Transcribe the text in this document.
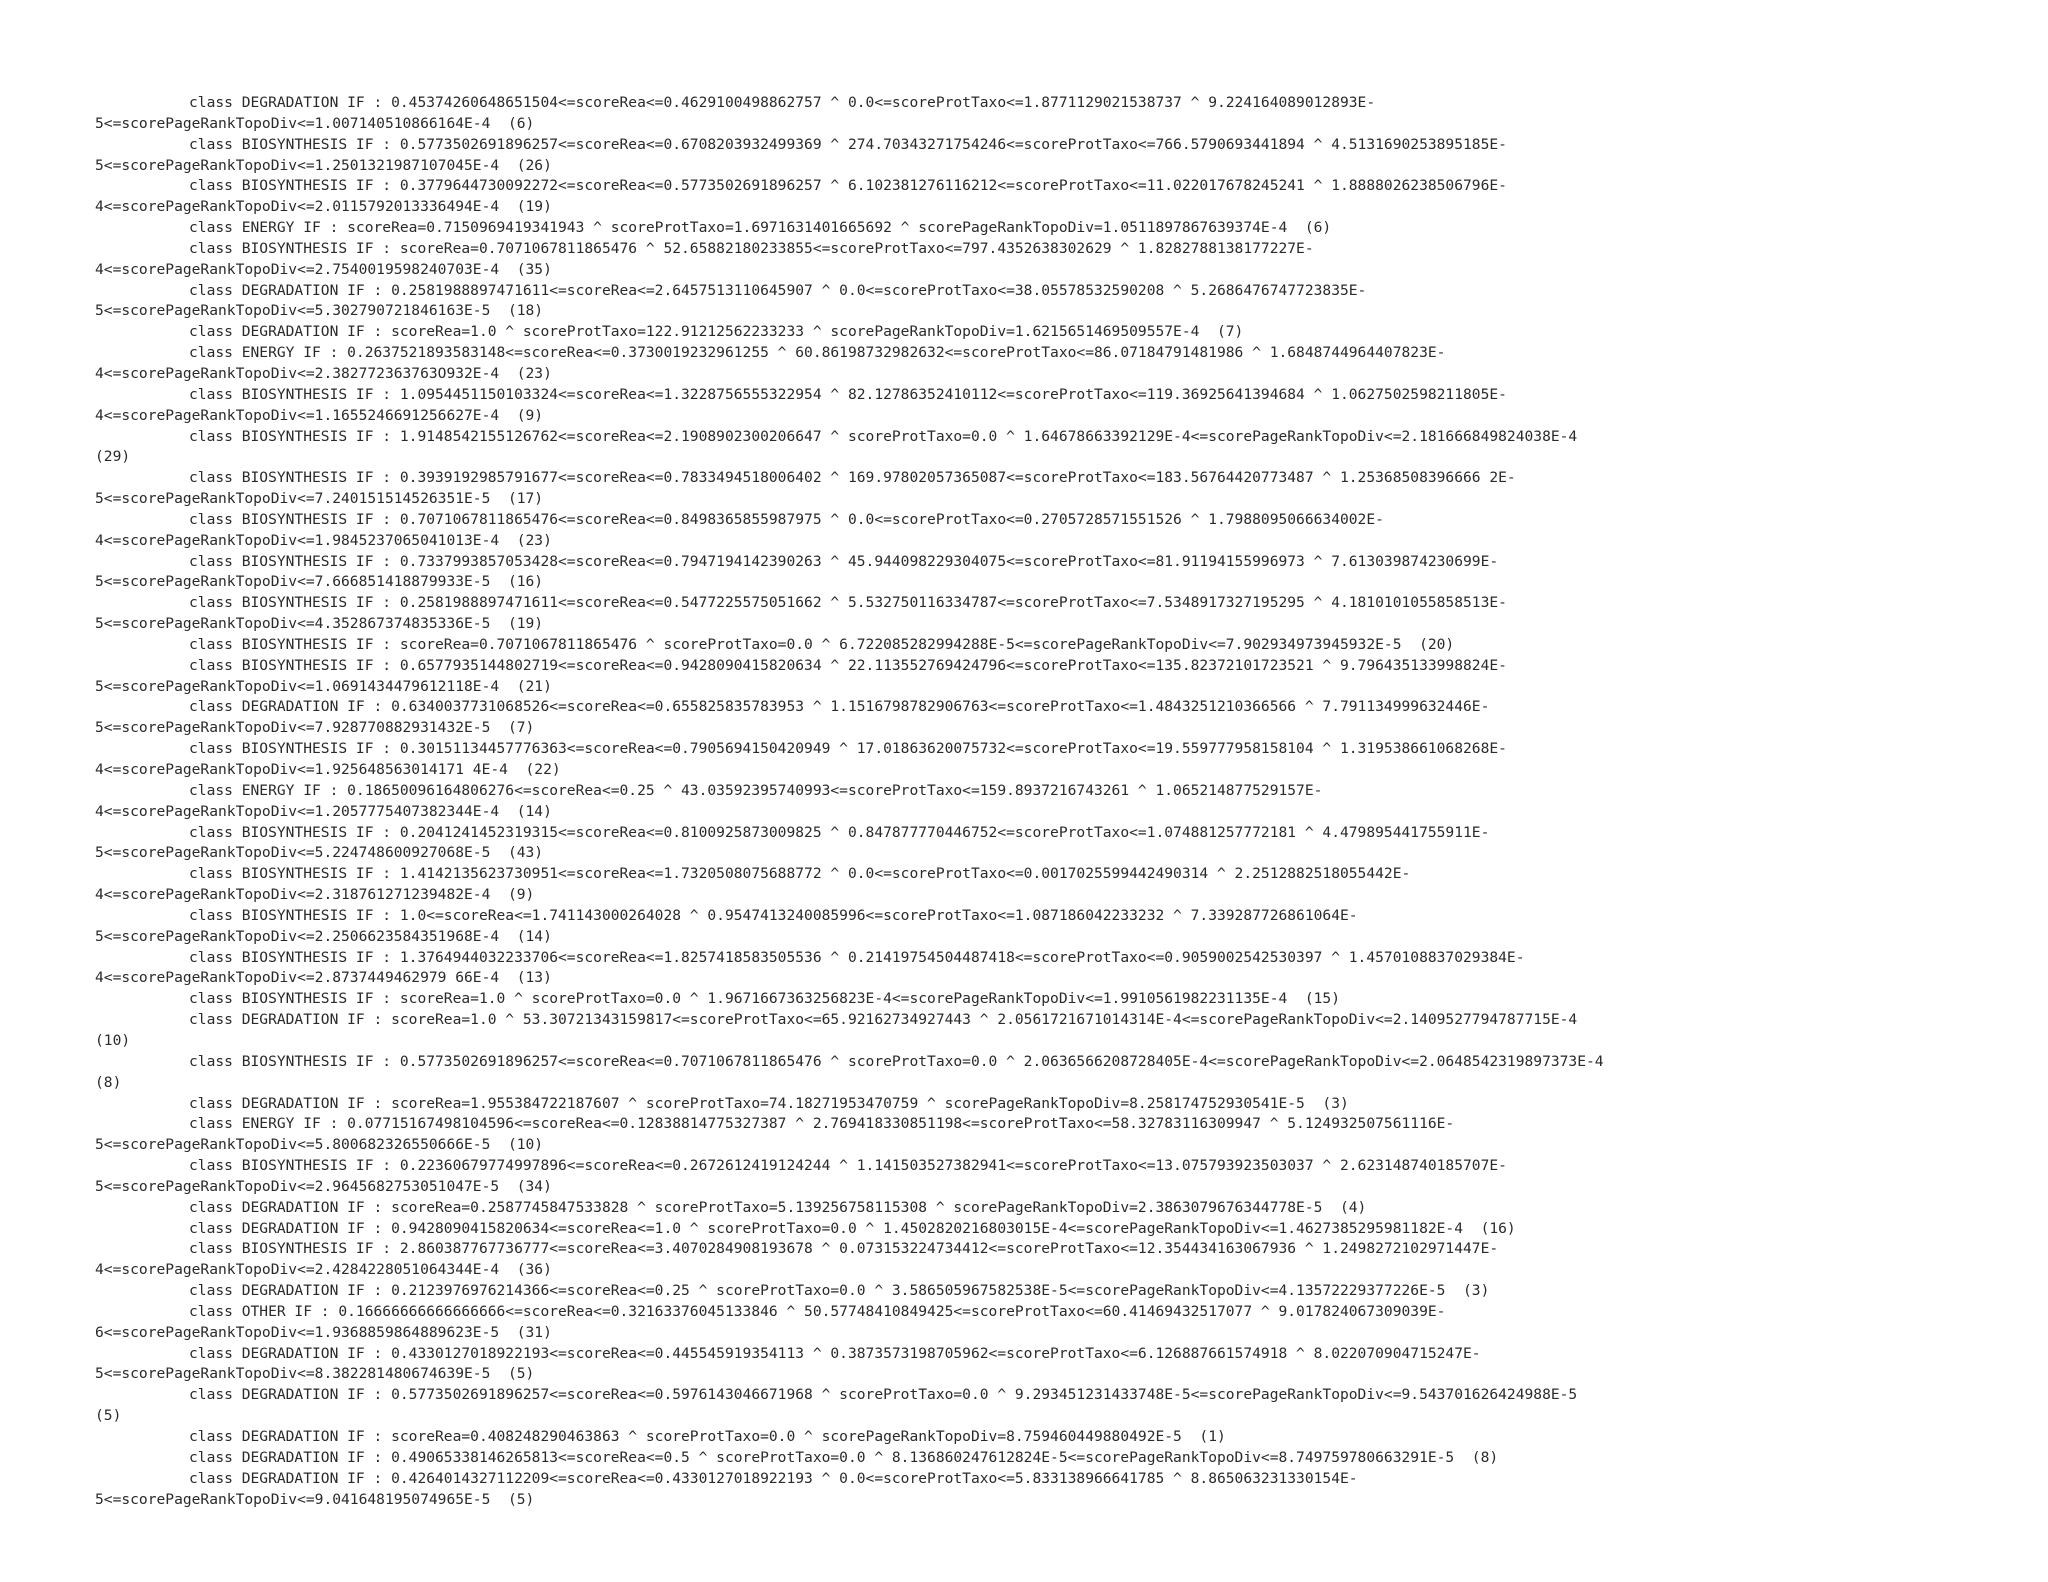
class DEGRADATION IF : 0.45374260648651504<=scoreRea<=0.4629100498862757 ^ 0.0<=scoreProtTaxo<=1.8771129021538737 ^ 9.224164089012893E-
5<=scorePageRankTopoDiv<=1.007140510866164E-4  (6)
class BIOSYNTHESIS IF : 0.5773502691896257<=scoreRea<=0.6708203932499369 ^ 274.70343271754246<=scoreProtTaxo<=766.5790693441894 ^ 4.5131690253895185E-
5<=scorePageRankTopoDiv<=1.2501321987107045E-4  (26)
class BIOSYNTHESIS IF : 0.3779644730092272<=scoreRea<=0.5773502691896257 ^ 6.102381276116212<=scoreProtTaxo<=11.022017678245241 ^ 1.8888026238506796E-
4<=scorePageRankTopoDiv<=2.0115792013336494E-4  (19)
class ENERGY IF : scoreRea=0.7150969419341943 ^ scoreProtTaxo=1.6971631401665692 ^ scorePageRankTopoDiv=1.0511897867639374E-4  (6)
class BIOSYNTHESIS IF : scoreRea=0.7071067811865476 ^ 52.65882180233855<=scoreProtTaxo<=797.4352638302629 ^ 1.8282788138177227E-
4<=scorePageRankTopoDiv<=2.7540019598240703E-4  (35)
class DEGRADATION IF : 0.2581988897471611<=scoreRea<=2.6457513110645907 ^ 0.0<=scoreProtTaxo<=38.05578532590208 ^ 5.2686476747723835E-
5<=scorePageRankTopoDiv<=5.302790721846163E-5  (18)
class DEGRADATION IF : scoreRea=1.0 ^ scoreProtTaxo=122.91212562233233 ^ scorePageRankTopoDiv=1.6215651469509557E-4  (7)
class ENERGY IF : 0.2637521893583148<=scoreRea<=0.3730019232961255 ^ 60.86198732982632<=scoreProtTaxo<=86.07184791481986 ^ 1.6848744964407823E-
4<=scorePageRankTopoDiv<=2.382772363763O932E-4  (23)
class BIOSYNTHESIS IF : 1.0954451150103324<=scoreRea<=1.3228756555322954 ^ 82.12786352410112<=scoreProtTaxo<=119.36925641394684 ^ 1.0627502598211805E-
4<=scorePageRankTopoDiv<=1.1655246691256627E-4  (9)
class BIOSYNTHESIS IF : 1.9148542155126762<=scoreRea<=2.1908902300206647 ^ scoreProtTaxo=0.0 ^ 1.64678663392129E-4<=scorePageRankTopoDiv<=2.181666849824038E-4
(29)
class BIOSYNTHESIS IF : 0.3939192985791677<=scoreRea<=0.7833494518006402 ^ 169.97802057365087<=scoreProtTaxo<=183.56764420773487 ^ 1.25368508396666 2E-
5<=scorePageRankTopoDiv<=7.240151514526351E-5  (17)
class BIOSYNTHESIS IF : 0.7071067811865476<=scoreRea<=0.8498365855987975 ^ 0.0<=scoreProtTaxo<=0.2705728571551526 ^ 1.7988095066634002E-
4<=scorePageRankTopoDiv<=1.9845237065041013E-4  (23)
class BIOSYNTHESIS IF : 0.7337993857053428<=scoreRea<=0.7947194142390263 ^ 45.944098229304075<=scoreProtTaxo<=81.91194155996973 ^ 7.613039874230699E-
5<=scorePageRankTopoDiv<=7.666851418879933E-5  (16)
class BIOSYNTHESIS IF : 0.2581988897471611<=scoreRea<=0.5477225575051662 ^ 5.532750116334787<=scoreProtTaxo<=7.5348917327195295 ^ 4.1810101055858513E-
5<=scorePageRankTopoDiv<=4.352867374835336E-5  (19)
class BIOSYNTHESIS IF : scoreRea=0.7071067811865476 ^ scoreProtTaxo=0.0 ^ 6.722085282994288E-5<=scorePageRankTopoDiv<=7.902934973945932E-5  (20)
class BIOSYNTHESIS IF : 0.6577935144802719<=scoreRea<=0.9428090415820634 ^ 22.113552769424796<=scoreProtTaxo<=135.82372101723521 ^ 9.796435133998824E-
5<=scorePageRankTopoDiv<=1.0691434479612118E-4  (21)
class DEGRADATION IF : 0.6340037731068526<=scoreRea<=0.655825835783953 ^ 1.1516798782906763<=scoreProtTaxo<=1.4843251210366566 ^ 7.791134999632446E-
5<=scorePageRankTopoDiv<=7.928770882931432E-5  (7)
class BIOSYNTHESIS IF : 0.30151134457776363<=scoreRea<=0.7905694150420949 ^ 17.01863620075732<=scoreProtTaxo<=19.559777958158104 ^ 1.319538661068268E-
4<=scorePageRankTopoDiv<=1.925648563014171 4E-4  (22)
class ENERGY IF : 0.18650096164806276<=scoreRea<=0.25 ^ 43.03592395740993<=scoreProtTaxo<=159.8937216743261 ^ 1.065214877529157E-
4<=scorePageRankTopoDiv<=1.2057775407382344E-4  (14)
class BIOSYNTHESIS IF : 0.2041241452319315<=scoreRea<=0.8100925873009825 ^ 0.847877770446752<=scoreProtTaxo<=1.074881257772181 ^ 4.479895441755911E-
5<=scorePageRankTopoDiv<=5.224748600927068E-5  (43)
class BIOSYNTHESIS IF : 1.4142135623730951<=scoreRea<=1.7320508075688772 ^ 0.0<=scoreProtTaxo<=0.0017025599442490314 ^ 2.2512882518055442E-
4<=scorePageRankTopoDiv<=2.318761271239482E-4  (9)
class BIOSYNTHESIS IF : 1.0<=scoreRea<=1.741143000264028 ^ 0.9547413240085996<=scoreProtTaxo<=1.087186042233232 ^ 7.339287726861064E-
5<=scorePageRankTopoDiv<=2.2506623584351968E-4  (14)
class BIOSYNTHESIS IF : 1.3764944032233706<=scoreRea<=1.8257418583505536 ^ 0.21419754504487418<=scoreProtTaxo<=0.9059002542530397 ^ 1.4570108837029384E-
4<=scorePageRankTopoDiv<=2.8737449462979 66E-4  (13)
class BIOSYNTHESIS IF : scoreRea=1.0 ^ scoreProtTaxo=0.0 ^ 1.9671667363256823E-4<=scorePageRankTopoDiv<=1.9910561982231135E-4  (15)
class DEGRADATION IF : scoreRea=1.0 ^ 53.30721343159817<=scoreProtTaxo<=65.92162734927443 ^ 2.0561721671014314E-4<=scorePageRankTopoDiv<=2.1409527794787715E-4
(10)
class BIOSYNTHESIS IF : 0.5773502691896257<=scoreRea<=0.7071067811865476 ^ scoreProtTaxo=0.0 ^ 2.0636566208728405E-4<=scorePageRankTopoDiv<=2.0648542319897373E-4
(8)
class DEGRADATION IF : scoreRea=1.955384722187607 ^ scoreProtTaxo=74.18271953470759 ^ scorePageRankTopoDiv=8.258174752930541E-5  (3)
class ENERGY IF : 0.07715167498104596<=scoreRea<=0.12838814775327387 ^ 2.769418330851198<=scoreProtTaxo<=58.32783116309947 ^ 5.124932507561116E-
5<=scorePageRankTopoDiv<=5.800682326550666E-5  (10)
class BIOSYNTHESIS IF : 0.22360679774997896<=scoreRea<=0.2672612419124244 ^ 1.141503527382941<=scoreProtTaxo<=13.075793923503037 ^ 2.623148740185707E-
5<=scorePageRankTopoDiv<=2.9645682753051047E-5  (34)
class DEGRADATION IF : scoreRea=0.2587745847533828 ^ scoreProtTaxo=5.139256758115308 ^ scorePageRankTopoDiv=2.3863079676344778E-5  (4)
class DEGRADATION IF : 0.9428090415820634<=scoreRea<=1.0 ^ scoreProtTaxo=0.0 ^ 1.4502820216803015E-4<=scorePageRankTopoDiv<=1.4627385295981182E-4  (16)
class BIOSYNTHESIS IF : 2.860387767736777<=scoreRea<=3.4070284908193678 ^ 0.073153224734412<=scoreProtTaxo<=12.354434163067936 ^ 1.2498272102971447E-
4<=scorePageRankTopoDiv<=2.4284228051064344E-4  (36)
class DEGRADATION IF : 0.2123976976214366<=scoreRea<=0.25 ^ scoreProtTaxo=0.0 ^ 3.586505967582538E-5<=scorePageRankTopoDiv<=4.13572229377226E-5  (3)
class OTHER IF : 0.16666666666666666<=scoreRea<=0.32163376045133846 ^ 50.57748410849425<=scoreProtTaxo<=60.41469432517077 ^ 9.017824067309039E-
6<=scorePageRankTopoDiv<=1.9368859864889623E-5  (31)
class DEGRADATION IF : 0.4330127018922193<=scoreRea<=0.445545919354113 ^ 0.3873573198705962<=scoreProtTaxo<=6.126887661574918 ^ 8.022070904715247E-
5<=scorePageRankTopoDiv<=8.382281480674639E-5  (5)
class DEGRADATION IF : 0.5773502691896257<=scoreRea<=0.5976143046671968 ^ scoreProtTaxo=0.0 ^ 9.293451231433748E-5<=scorePageRankTopoDiv<=9.543701626424988E-5
(5)
class DEGRADATION IF : scoreRea=0.408248290463863 ^ scoreProtTaxo=0.0 ^ scorePageRankTopoDiv=8.759460449880492E-5  (1)
class DEGRADATION IF : 0.49065338146265813<=scoreRea<=0.5 ^ scoreProtTaxo=0.0 ^ 8.136860247612824E-5<=scorePageRankTopoDiv<=8.749759780663291E-5  (8)
class DEGRADATION IF : 0.4264014327112209<=scoreRea<=0.4330127018922193 ^ 0.0<=scoreProtTaxo<=5.833138966641785 ^ 8.865063231330154E-
5<=scorePageRankTopoDiv<=9.041648195074965E-5  (5)
